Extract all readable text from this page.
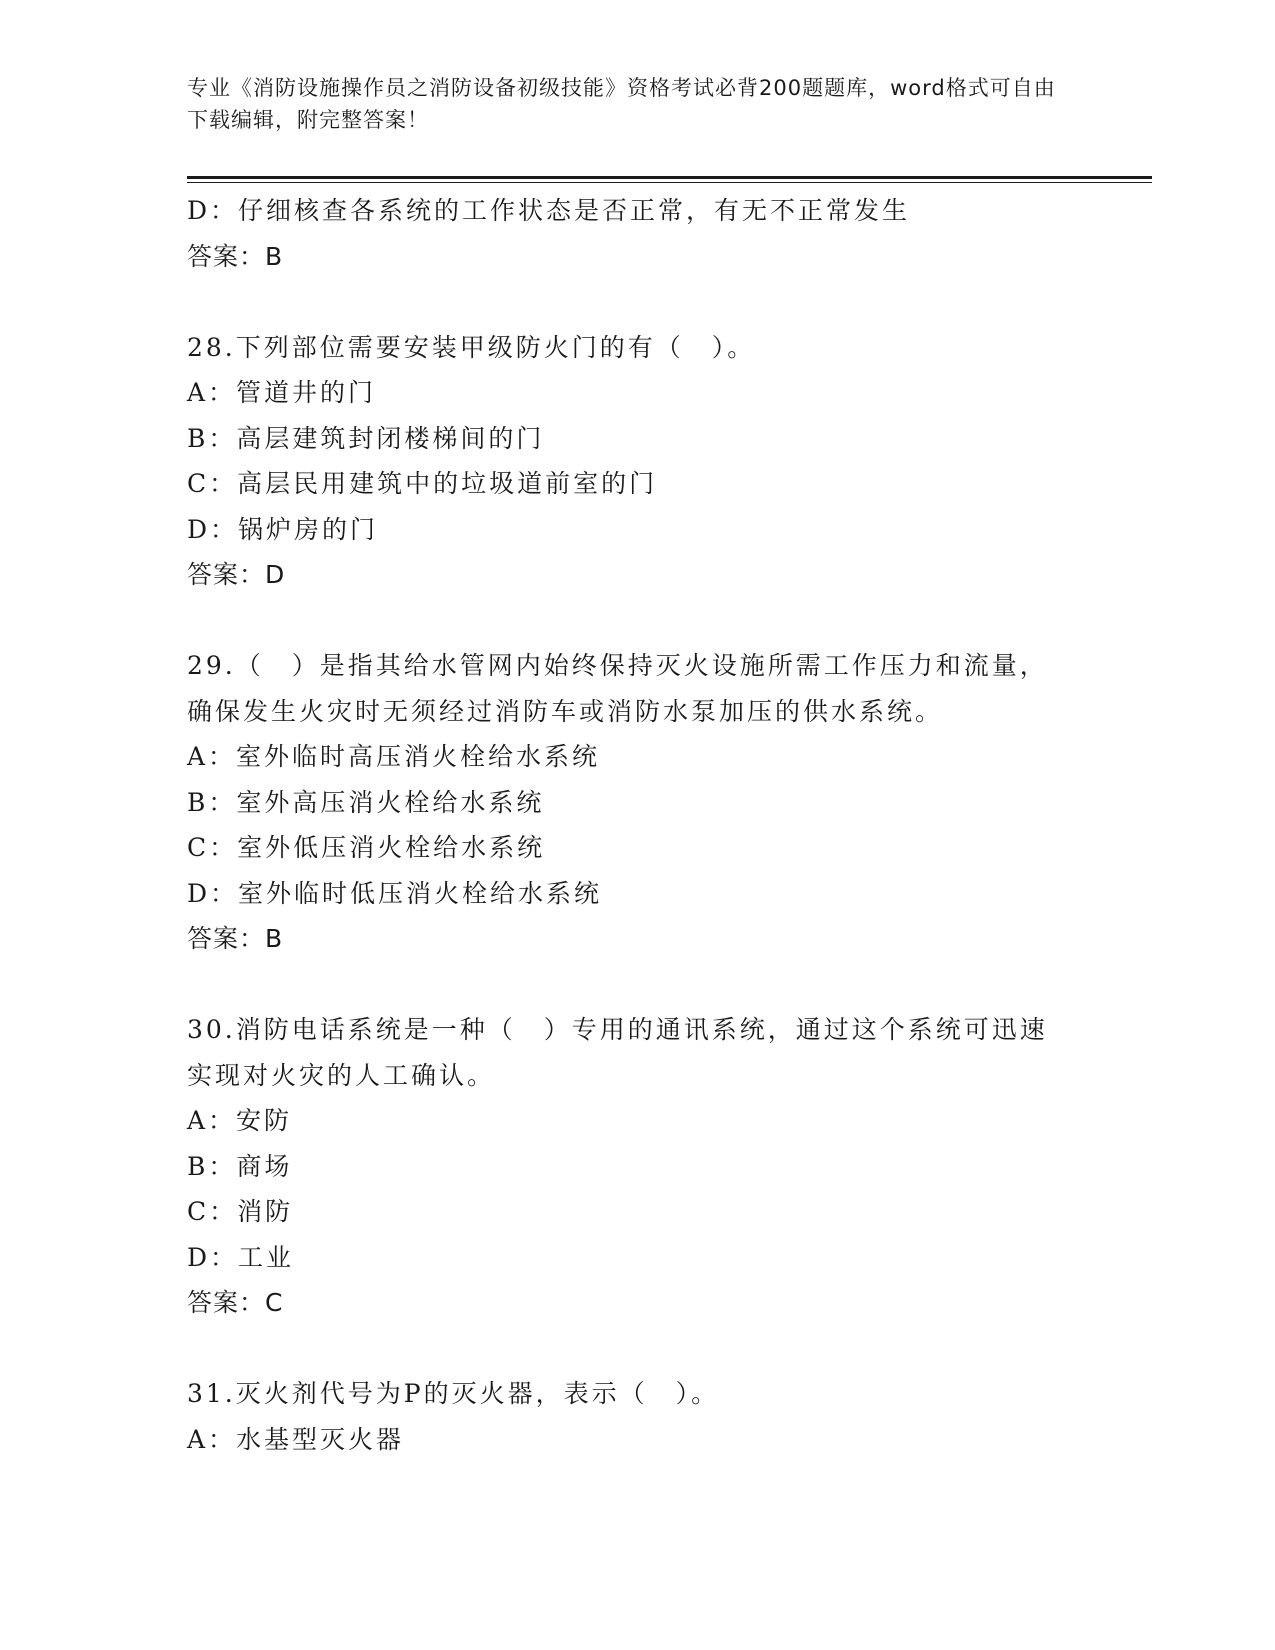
专业《消防设施操作员之消防设备初级技能》资格考试必背200题题库，word格式可自由下载编辑，附完整答案！
D：仔细核查各系统的工作状态是否正常，有无不正常发生
答案：B
28.下列部位需要安装甲级防火门的有（　）。
A：管道井的门
B：高层建筑封闭楼梯间的门
C：高层民用建筑中的垃圾道前室的门
D：锅炉房的门
答案：D
29.（　）是指其给水管网内始终保持灭火设施所需工作压力和流量，
确保发生火灾时无须经过消防车或消防水泵加压的供水系统。
A：室外临时高压消火栓给水系统
B：室外高压消火栓给水系统
C：室外低压消火栓给水系统
D：室外临时低压消火栓给水系统
答案：B
30.消防电话系统是一种（　）专用的通讯系统，通过这个系统可迅速
实现对火灾的人工确认。
A：安防
B：商场
C：消防
D：工业
答案：C
31.灭火剂代号为P的灭火器，表示（　）。
A：水基型灭火器
